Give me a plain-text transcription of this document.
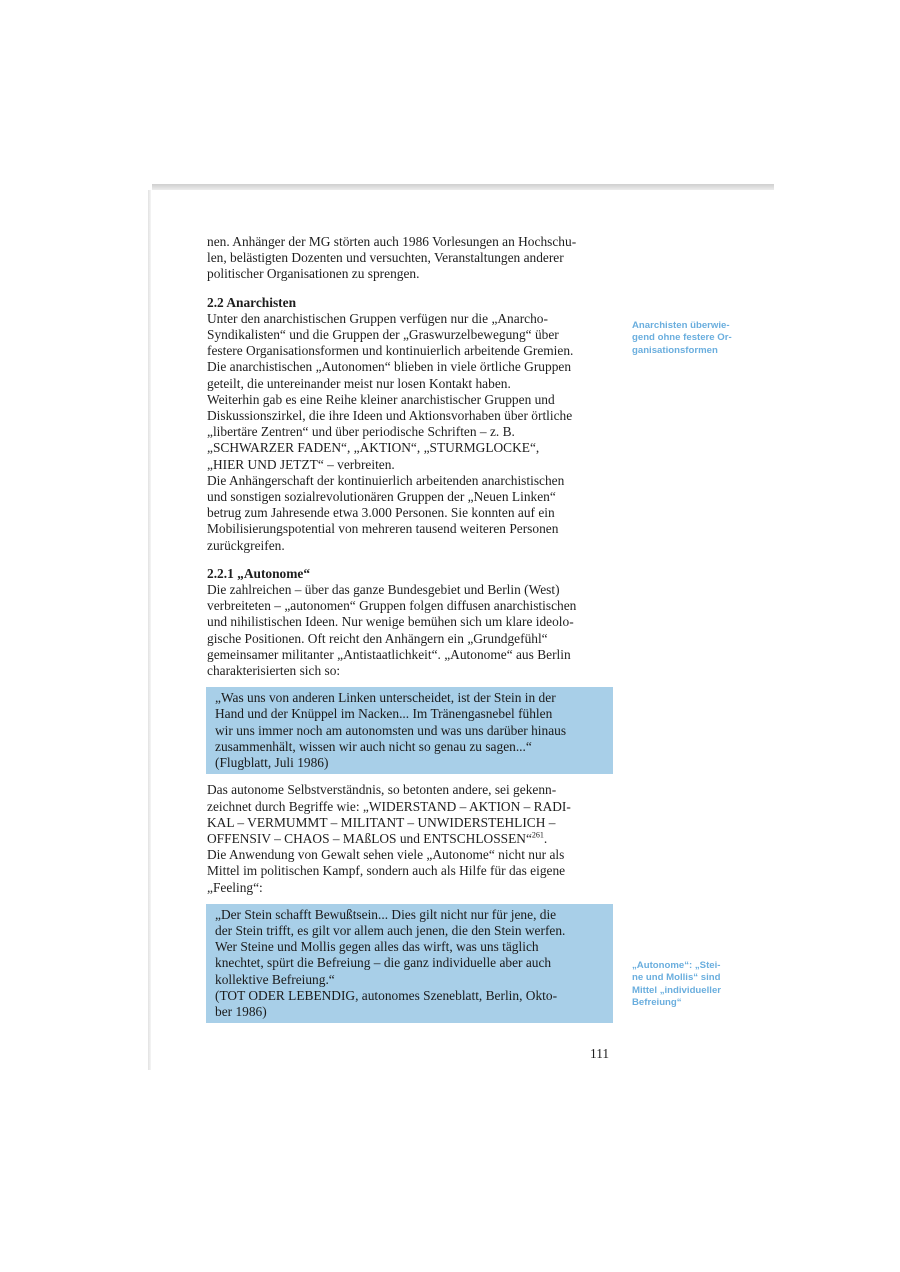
nen. Anhänger der MG störten auch 1986 Vorlesungen an Hochschu-
len, belästigten Dozenten und versuchten, Veranstaltungen anderer
politischer Organisationen zu sprengen.

2.2 Anarchisten

Unter den anarchistischen Gruppen verfügen nur die „Anarcho-
Syndikalisten“ und die Gruppen der „Graswurzelbewegung“ über
festere Organisationsformen und kontinuierlich arbeitende Gremien.
Die anarchistischen „Autonomen“ blieben in viele örtliche Gruppen
geteilt, die untereinander meist nur losen Kontakt haben.

Weiterhin gab es eine Reihe kleiner anarchistischer Gruppen und
Diskussionszirkel, die ihre Ideen und Aktionsvorhaben über örtliche
„libertäre Zentren“ und über periodische Schriften – z. B.
„SCHWARZER FADEN“, „AKTION“, „STURMGLOCKE“,
„HIER UND JETZT“ – verbreiten.

Die Anhängerschaft der kontinuierlich arbeitenden anarchistischen
und sonstigen sozialrevolutionären Gruppen der „Neuen Linken“
betrug zum Jahresende etwa 3.000 Personen. Sie konnten auf ein
Mobilisierungspotential von mehreren tausend weiteren Personen
zurückgreifen.

2.2.1 „Autonome“

Die zahlreichen – über das ganze Bundesgebiet und Berlin (West)
verbreiteten – „autonomen“ Gruppen folgen diffusen anarchistischen
und nihilistischen Ideen. Nur wenige bemühen sich um klare ideolo-
gische Positionen. Oft reicht den Anhängern ein „Grundgefühl“
gemeinsamer militanter „Antistaatlichkeit“. „Autonome“ aus Berlin
charakterisierten sich so:

„Was uns von anderen Linken unterscheidet, ist der Stein in der
Hand und der Knüppel im Nacken... Im Tränengasnebel fühlen
wir uns immer noch am autonomsten und was uns darüber hinaus
zusammenhält, wissen wir auch nicht so genau zu sagen...“
(Flugblatt, Juli 1986)

Das autonome Selbstverständnis, so betonten andere, sei gekenn-
zeichnet durch Begriffe wie: „WIDERSTAND – AKTION – RADI-
KAL – VERMUMMT – MILITANT – UNWIDERSTEHLICH –
OFFENSIV – CHAOS – MAßLOS und ENTSCHLOSSEN“$^{261}$.

Die Anwendung von Gewalt sehen viele „Autonome“ nicht nur als
Mittel im politischen Kampf, sondern auch als Hilfe für das eigene
„Feeling“:

„Der Stein schafft Bewußtsein... Dies gilt nicht nur für jene, die
der Stein trifft, es gilt vor allem auch jenen, die den Stein werfen.
Wer Steine und Mollis gegen alles das wirft, was uns täglich
knechtet, spürt die Befreiung – die ganz individuelle aber auch
kollektive Befreiung.“
(TOT ODER LEBENDIG, autonomes Szeneblatt, Berlin, Okto-
ber 1986)

Anarchisten überwie-
gend ohne festere Or-
ganisationsformen
„Autonome“: „Stei-
ne und Mollis“ sind
Mittel „individueller
Befreiung“
111
